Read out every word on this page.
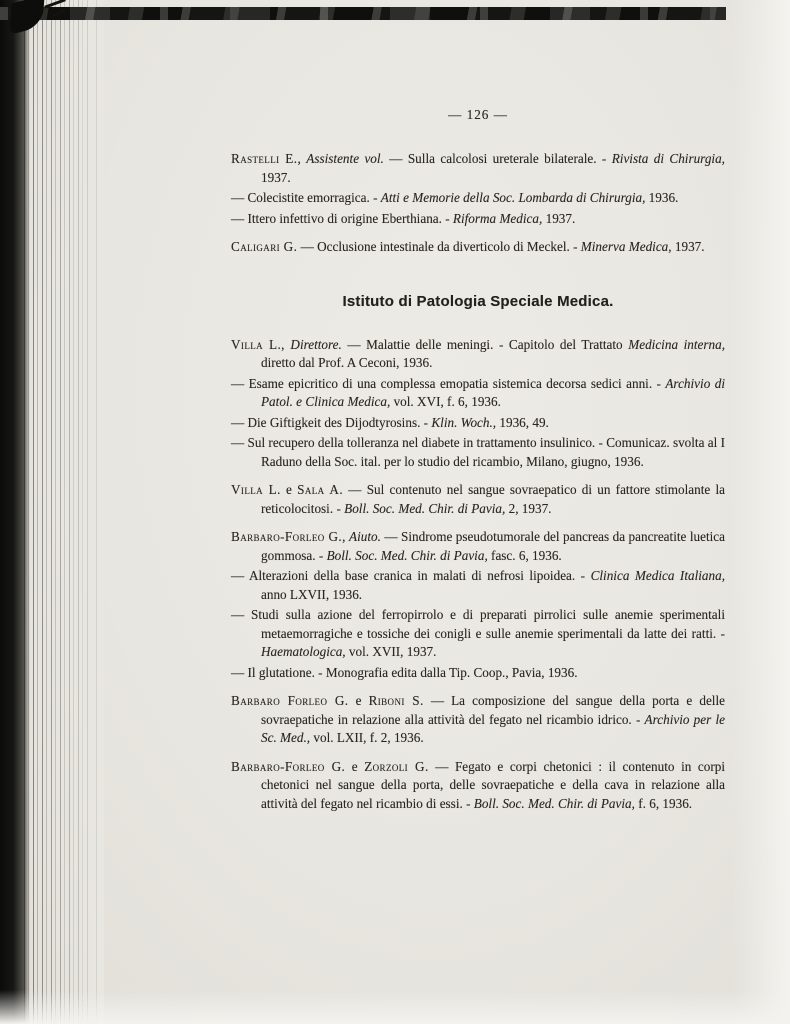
— 126 —

Rastelli E., Assistente vol. — Sulla calcolosi ureterale bilaterale. - Rivista di Chirurgia, 1937.

— Colecistite emorragica. - Atti e Memorie della Soc. Lombarda di Chirurgia, 1936.

— Ittero infettivo di origine Eberthiana. - Riforma Medica, 1937.

Caligari G. — Occlusione intestinale da diverticolo di Meckel. - Minerva Medica, 1937.

Istituto di Patologia Speciale Medica.

Villa L., Direttore. — Malattie delle meningi. - Capitolo del Trattato Medicina interna, diretto dal Prof. A Ceconi, 1936.

— Esame epicritico di una complessa emopatia sistemica decorsa sedici anni. - Archivio di Patol. e Clinica Medica, vol. XVI, f. 6, 1936.

— Die Giftigkeit des Dijodtyrosins. - Klin. Woch., 1936, 49.

— Sul recupero della tolleranza nel diabete in trattamento insulinico. - Comunicaz. svolta al I Raduno della Soc. ital. per lo studio del ricambio, Milano, giugno, 1936.

Villa L. e Sala A. — Sul contenuto nel sangue sovraepatico di un fattore stimolante la reticolocitosi. - Boll. Soc. Med. Chir. di Pavia, 2, 1937.

Barbaro-Forleo G., Aiuto. — Sindrome pseudotumorale del pancreas da pancreatite luetica gommosa. - Boll. Soc. Med. Chir. di Pavia, fasc. 6, 1936.

— Alterazioni della base cranica in malati di nefrosi lipoidea. - Clinica Medica Italiana, anno LXVII, 1936.

— Studi sulla azione del ferropirrolo e di preparati pirrolici sulle anemie sperimentali metaemorragiche e tossiche dei conigli e sulle anemie sperimentali da latte dei ratti. - Haematologica, vol. XVII, 1937.

— Il glutatione. - Monografia edita dalla Tip. Coop., Pavia, 1936.

Barbaro Forleo G. e Riboni S. — La composizione del sangue della porta e delle sovraepatiche in relazione alla attività del fegato nel ricambio idrico. - Archivio per le Sc. Med., vol. LXII, f. 2, 1936.

Barbaro-Forleo G. e Zorzoli G. — Fegato e corpi chetonici : il contenuto in corpi chetonici nel sangue della porta, delle sovraepatiche e della cava in relazione alla attività del fegato nel ricambio di essi. - Boll. Soc. Med. Chir. di Pavia, f. 6, 1936.
